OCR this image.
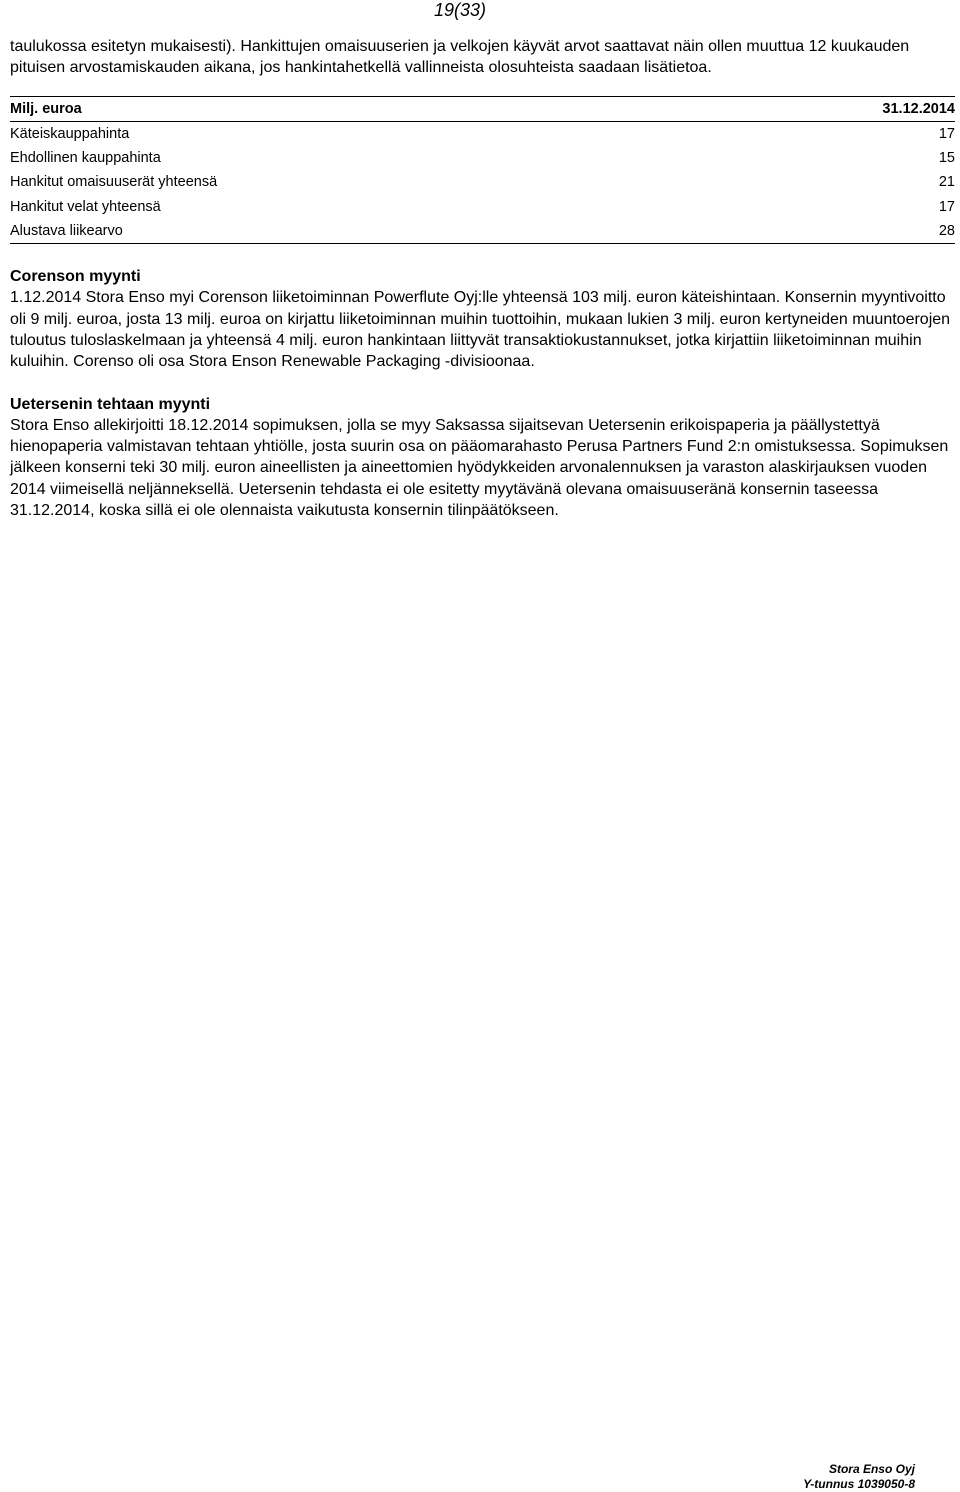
19(33)

taulukossa esitetyn mukaisesti). Hankittujen omaisuuserien ja velkojen käyvät arvot saattavat näin ollen muuttua 12 kuukauden pituisen arvostamiskauden aikana, jos hankintahetkellä vallinneista olosuhteista saadaan lisätietoa.

Milj. euroa	31.12.2014
Käteiskauppahinta	17
Ehdollinen kauppahinta	15
Hankitut omaisuuserät yhteensä	21
Hankitut velat yhteensä	17
Alustava liikearvo	28

Corenson myynti

1.12.2014 Stora Enso myi Corenson liiketoiminnan Powerflute Oyj:lle yhteensä 103 milj. euron käteishintaan. Konsernin myyntivoitto oli 9 milj. euroa, josta 13 milj. euroa on kirjattu liiketoiminnan muihin tuottoihin, mukaan lukien 3 milj. euron kertyneiden muuntoerojen tuloutus tuloslaskelmaan ja yhteensä 4 milj. euron hankintaan liittyvät transaktiokustannukset, jotka kirjattiin liiketoiminnan muihin kuluihin. Corenso oli osa Stora Enson Renewable Packaging -divisioonaa.

Uetersenin tehtaan myynti

Stora Enso allekirjoitti 18.12.2014 sopimuksen, jolla se myy Saksassa sijaitsevan Uetersenin erikoispaperia ja päällystettyä hienopaperia valmistavan tehtaan yhtiölle, josta suurin osa on pääomarahasto Perusa Partners Fund 2:n omistuksessa. Sopimuksen jälkeen konserni teki 30 milj. euron aineellisten ja aineettomien hyödykkeiden arvonalennuksen ja varaston alaskirjauksen vuoden 2014 viimeisellä neljänneksellä. Uetersenin tehdasta ei ole esitetty myytävänä olevana omaisuuseränä konsernin taseessa 31.12.2014, koska sillä ei ole olennaista vaikutusta konsernin tilinpäätökseen.

Stora Enso Oyj
Y-tunnus 1039050-8
